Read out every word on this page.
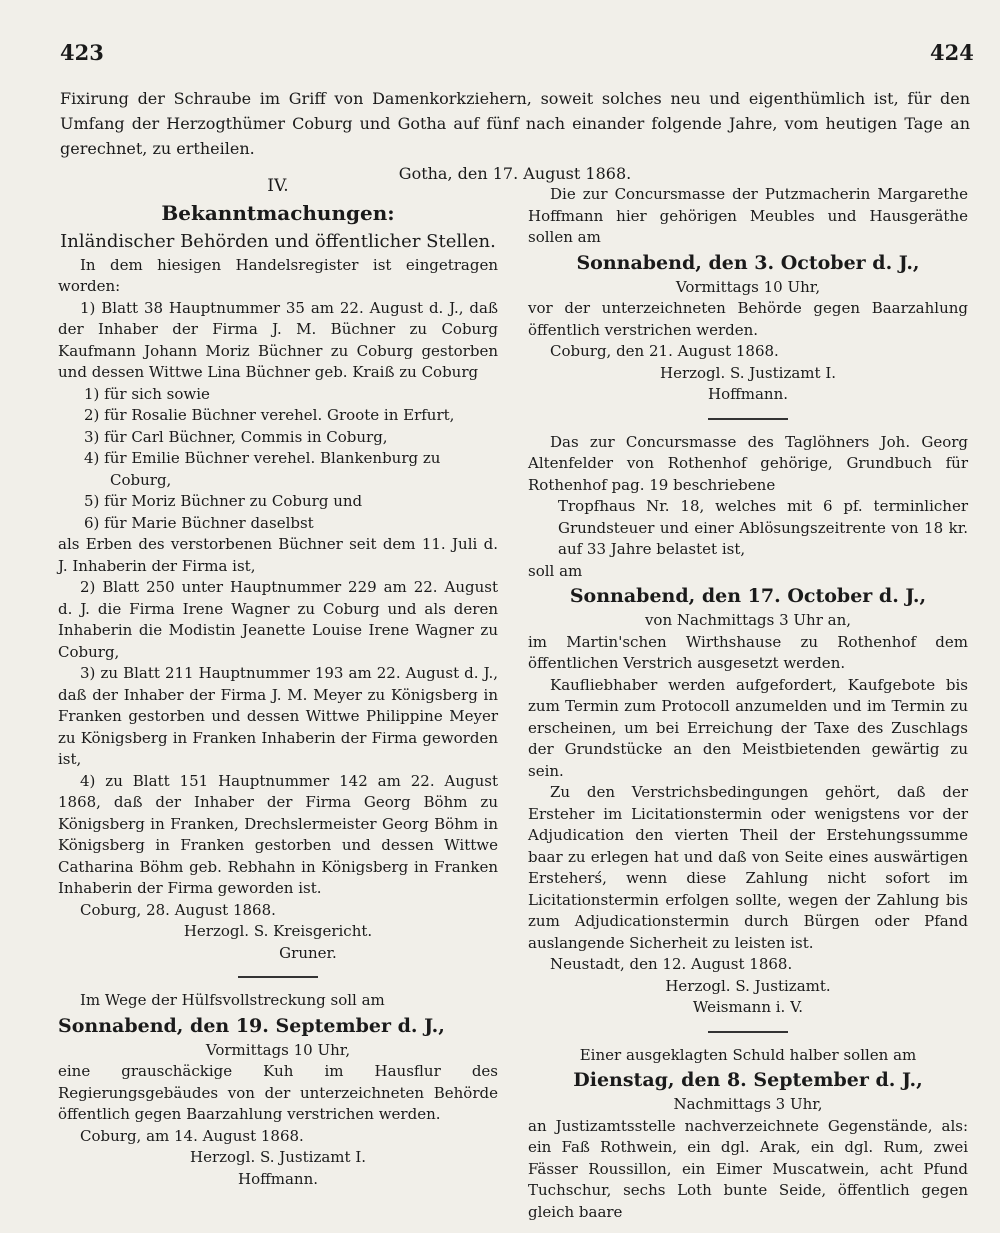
423	424

Fixirung der Schraube im Griff von Damenkorkziehern, soweit solches neu und eigenthümlich ist, für den Umfang der Herzogthümer Coburg und Gotha auf fünf nach einander folgende Jahre, vom heutigen Tage an gerechnet, zu ertheilen.

Gotha, den 17. August 1868.

IV.

Bekanntmachungen:

Inländischer Behörden und öffentlicher Stellen.

In dem hiesigen Handelsregister ist eingetragen worden:

1) Blatt 38 Hauptnummer 35 am 22. August d. J., daß der Inhaber der Firma J. M. Büchner zu Coburg Kaufmann Johann Moriz Büchner zu Coburg gestorben und dessen Wittwe Lina Büchner geb. Kraiß zu Coburg

1) für sich sowie

2) für Rosalie Büchner verehel. Groote in Erfurt,

3) für Carl Büchner, Commis in Coburg,

4) für Emilie Büchner verehel. Blankenburg zu Coburg,

5) für Moriz Büchner zu Coburg und

6) für Marie Büchner daselbst

als Erben des verstorbenen Büchner seit dem 11. Juli d. J. Inhaberin der Firma ist,

2) Blatt 250 unter Hauptnummer 229 am 22. August d. J. die Firma Irene Wagner zu Coburg und als deren Inhaberin die Modistin Jeanette Louise Irene Wagner zu Coburg,

3) zu Blatt 211 Hauptnummer 193 am 22. August d. J., daß der Inhaber der Firma J. M. Meyer zu Königsberg in Franken gestorben und dessen Wittwe Philippine Meyer zu Königsberg in Franken Inhaberin der Firma geworden ist,

4) zu Blatt 151 Hauptnummer 142 am 22. August 1868, daß der Inhaber der Firma Georg Böhm zu Königsberg in Franken, Drechslermeister Georg Böhm in Königsberg in Franken gestorben und dessen Wittwe Catharina Böhm geb. Rebhahn in Königsberg in Franken Inhaberin der Firma geworden ist.

Coburg, 28. August 1868.

Herzogl. S. Kreisgericht.

Gruner.

Im Wege der Hülfsvollstreckung soll am

Sonnabend, den 19. September d. J.,

Vormittags 10 Uhr,

eine grauschäckige Kuh im Hausflur des Regierungsgebäudes von der unterzeichneten Behörde öffentlich gegen Baarzahlung verstrichen werden.

Coburg, am 14. August 1868.

Herzogl. S. Justizamt I.

Hoffmann.

Die zur Concursmasse der Putzmacherin Margarethe Hoffmann hier gehörigen Meubles und Hausgeräthe sollen am

Sonnabend, den 3. October d. J.,

Vormittags 10 Uhr,

vor der unterzeichneten Behörde gegen Baarzahlung öffentlich verstrichen werden.

Coburg, den 21. August 1868.

Herzogl. S. Justizamt I.

Hoffmann.

Das zur Concursmasse des Taglöhners Joh. Georg Altenfelder von Rothenhof gehörige, Grundbuch für Rothenhof pag. 19 beschriebene

Tropfhaus Nr. 18, welches mit 6 pf. terminlicher Grundsteuer und einer Ablösungszeitrente von 18 kr. auf 33 Jahre belastet ist,

soll am

Sonnabend, den 17. October d. J.,

von Nachmittags 3 Uhr an,

im Martin'schen Wirthshause zu Rothenhof dem öffentlichen Verstrich ausgesetzt werden.

Kaufliebhaber werden aufgefordert, Kaufgebote bis zum Termin zum Protocoll anzumelden und im Termin zu erscheinen, um bei Erreichung der Taxe des Zuschlags der Grundstücke an den Meistbietenden gewärtig zu sein.

Zu den Verstrichsbedingungen gehört, daß der Ersteher im Licitationstermin oder wenigstens vor der Adjudication den vierten Theil der Erstehungssumme baar zu erlegen hat und daß von Seite eines auswärtigen Ersteherś, wenn diese Zahlung nicht sofort im Licitationstermin erfolgen sollte, wegen der Zahlung bis zum Adjudicationstermin durch Bürgen oder Pfand auslangende Sicherheit zu leisten ist.

Neustadt, den 12. August 1868.

Herzogl. S. Justizamt.

Weismann i. V.

Einer ausgeklagten Schuld halber sollen am

Dienstag, den 8. September d. J.,

Nachmittags 3 Uhr,

an Justizamtsstelle nachverzeichnete Gegenstände, als: ein Faß Rothwein, ein dgl. Arak, ein dgl. Rum, zwei Fässer Roussillon, ein Eimer Muscatwein, acht Pfund Tuchschur, sechs Loth bunte Seide, öffentlich gegen gleich baare
